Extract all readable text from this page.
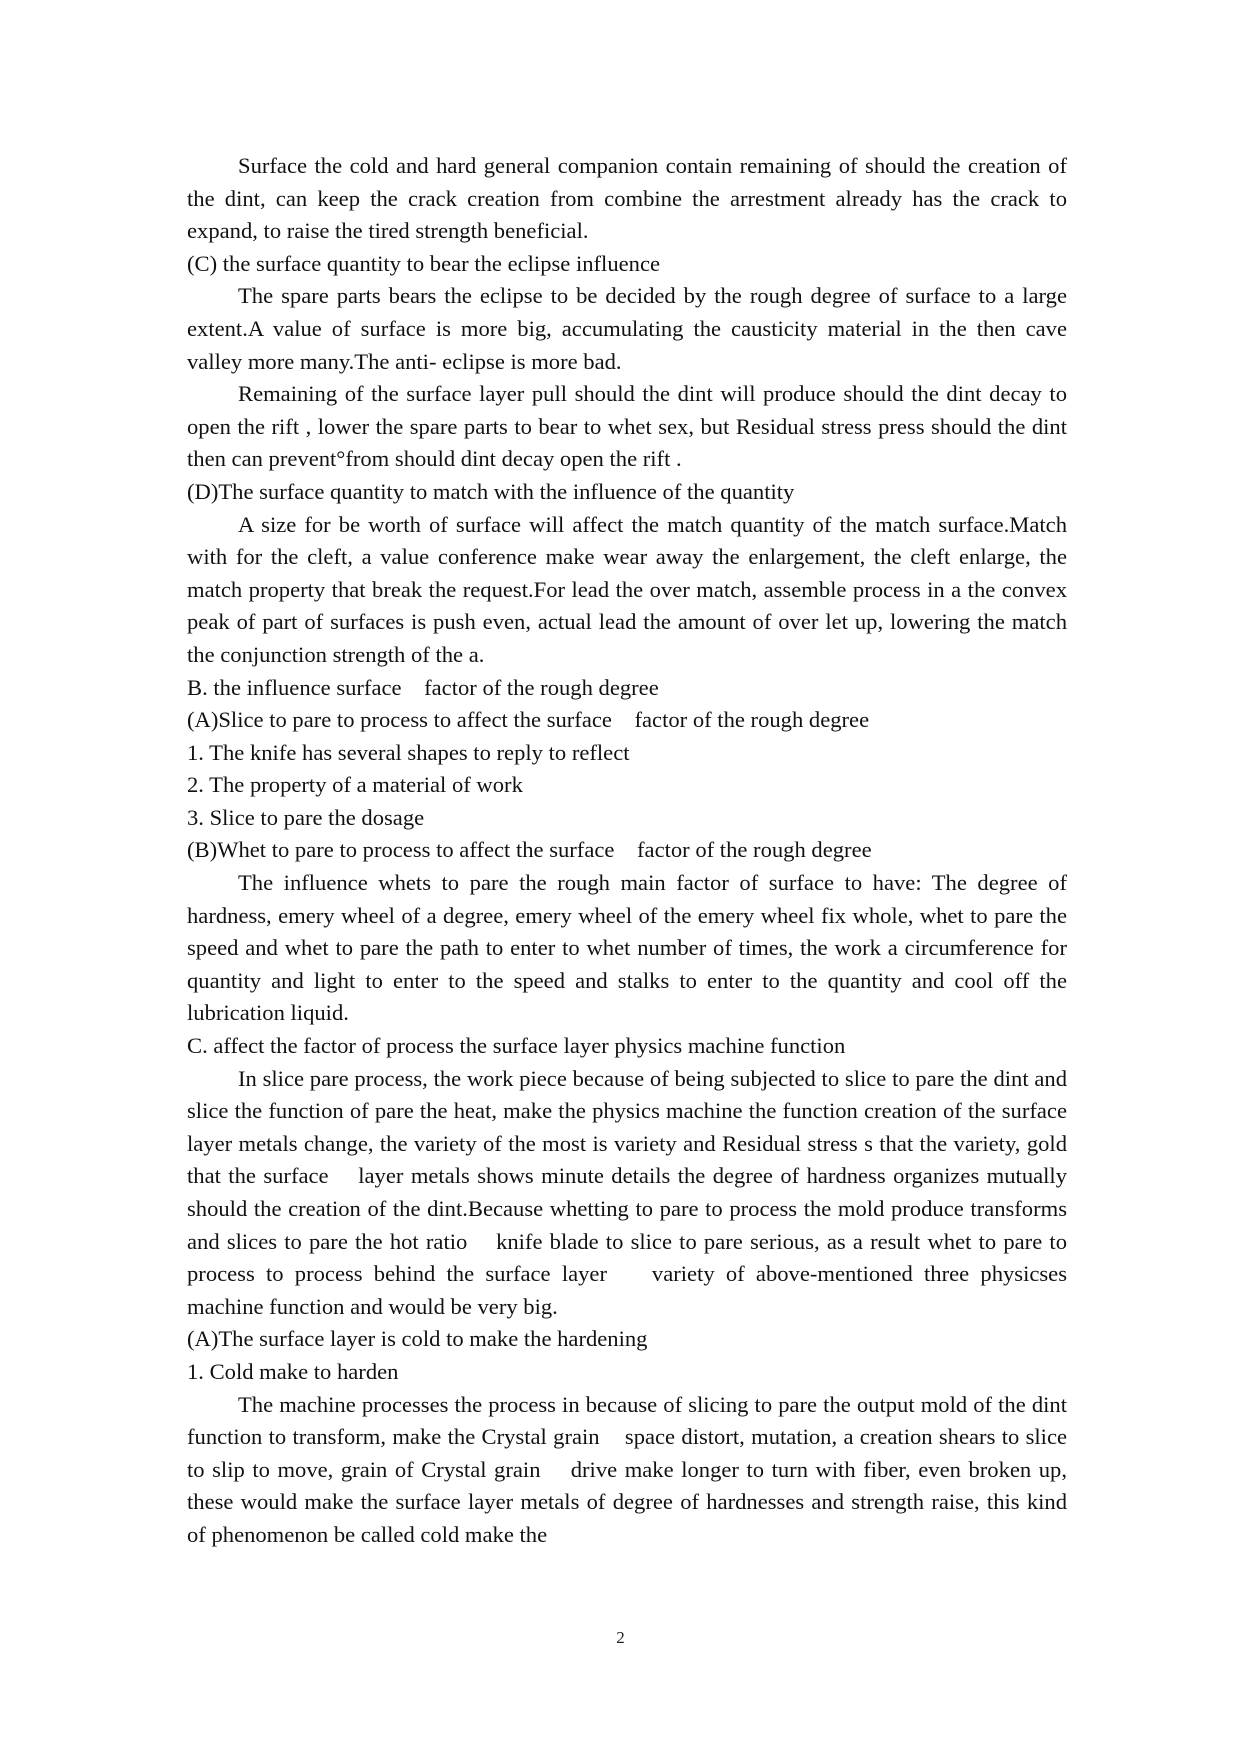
Surface the cold and hard general companion contain remaining of should the creation of the dint, can keep the crack creation from combine the arrestment already has the crack to expand, to raise the tired strength beneficial.

(C) the surface quantity to bear the eclipse influence

The spare parts bears the eclipse to be decided by the rough degree of surface to a large extent.A value of surface is more big, accumulating the causticity material in the then cave valley more many.The anti- eclipse is more bad.

Remaining of the surface layer pull should the dint will produce should the dint decay to open the rift , lower the spare parts to bear to whet sex, but Residual stress press should the dint then can prevent°from should dint decay open the rift .

(D)The surface quantity to match with the influence of the quantity

A size for be worth of surface will affect the match quantity of the match surface.Match with for the cleft, a value conference make wear away the enlargement, the cleft enlarge, the match property that break the request.For lead the over match, assemble process in a the convex peak of part of surfaces is push even, actual lead the amount of over let up, lowering the match the conjunction strength of the a.

B. the influence surface    factor of the rough degree

(A)Slice to pare to process to affect the surface    factor of the rough degree

1. The knife has several shapes to reply to reflect

2. The property of a material of work

3. Slice to pare the dosage

(B)Whet to pare to process to affect the surface    factor of the rough degree

The influence whets to pare the rough main factor of surface to have: The degree of hardness, emery wheel of a degree, emery wheel of the emery wheel fix whole, whet to pare the speed and whet to pare the path to enter to whet number of times, the work a circumference for quantity and light to enter to the speed and stalks to enter to the quantity and cool off the lubrication liquid.

C. affect the factor of process the surface layer physics machine function

In slice pare process, the work piece because of being subjected to slice to pare the dint and slice the function of pare the heat, make the physics machine the function creation of the surface layer metals change, the variety of the most is variety and Residual stress s that the variety, gold that the surface    layer metals shows minute details the degree of hardness organizes mutually should the creation of the dint.Because whetting to pare to process the mold produce transforms and slices to pare the hot ratio    knife blade to slice to pare serious, as a result whet to pare to process to process behind the surface layer    variety of above-mentioned three physicses    machine function and would be very big.

(A)The surface layer is cold to make the hardening

1. Cold make to harden

The machine processes the process in because of slicing to pare the output mold of the dint function to transform, make the Crystal grain    space distort, mutation, a creation shears to slice to slip to move, grain of Crystal grain    drive make longer to turn with fiber, even broken up, these would make the surface layer metals of degree of hardnesses and strength raise, this kind of phenomenon be called cold make the

2
